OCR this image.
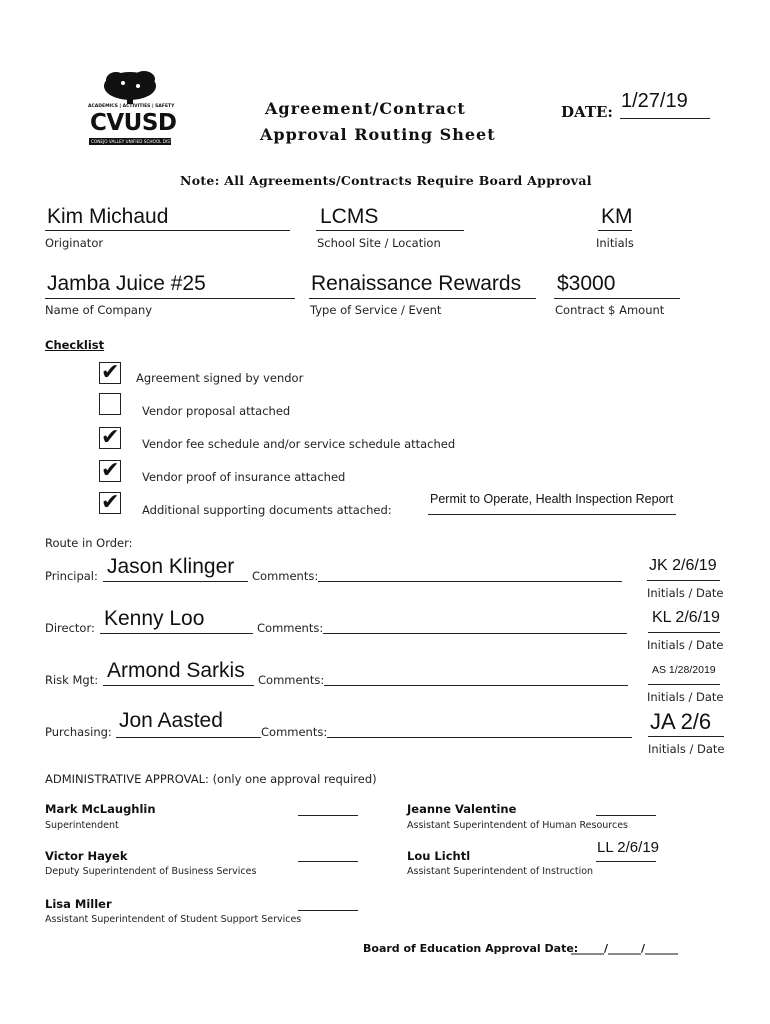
ACADEMICS | ACTIVITIES | SAFETY
CVUSD
CONEJO VALLEY UNIFIED SCHOOL DISTRICT
Agreement/Contract
Approval Routing Sheet
DATE: 1/27/19
Note: All Agreements/Contracts Require Board Approval
Kim Michaud
Originator
LCMS
School Site / Location
KM
Initials
Jamba Juice #25
Name of Company
Renaissance Rewards
Type of Service / Event
$3000
Contract $ Amount
Checklist
✔ Agreement signed by vendor
Vendor proposal attached
✔ Vendor fee schedule and/or service schedule attached
✔ Vendor proof of insurance attached
✔ Additional supporting documents attached:
Permit to Operate, Health Inspection Report
Route in Order:
Principal: Jason Klinger Comments:
JK 2/6/19
Initials / Date
Director: Kenny Loo	Comments:
KL 2/6/19
Initials / Date
Risk Mgt: Armond Sarkis Comments:
AS 1/28/2019
Initials / Date
Purchasing: Jon Aasted	Comments:	JA 2/6
Initials / Date
ADMINISTRATIVE APPROVAL: (only one approval required)
Mark McLaughlin
Superintendent
Jeanne Valentine
Assistant Superintendent of Human Resources
Victor Hayek
Deputy Superintendent of Business Services
Lou Lichtl
Assistant Superintendent of Instruction
LL 2/6/19
Lisa Miller
Assistant Superintendent of Student Support Services
Board of Education Approval Date:
______/______/______
